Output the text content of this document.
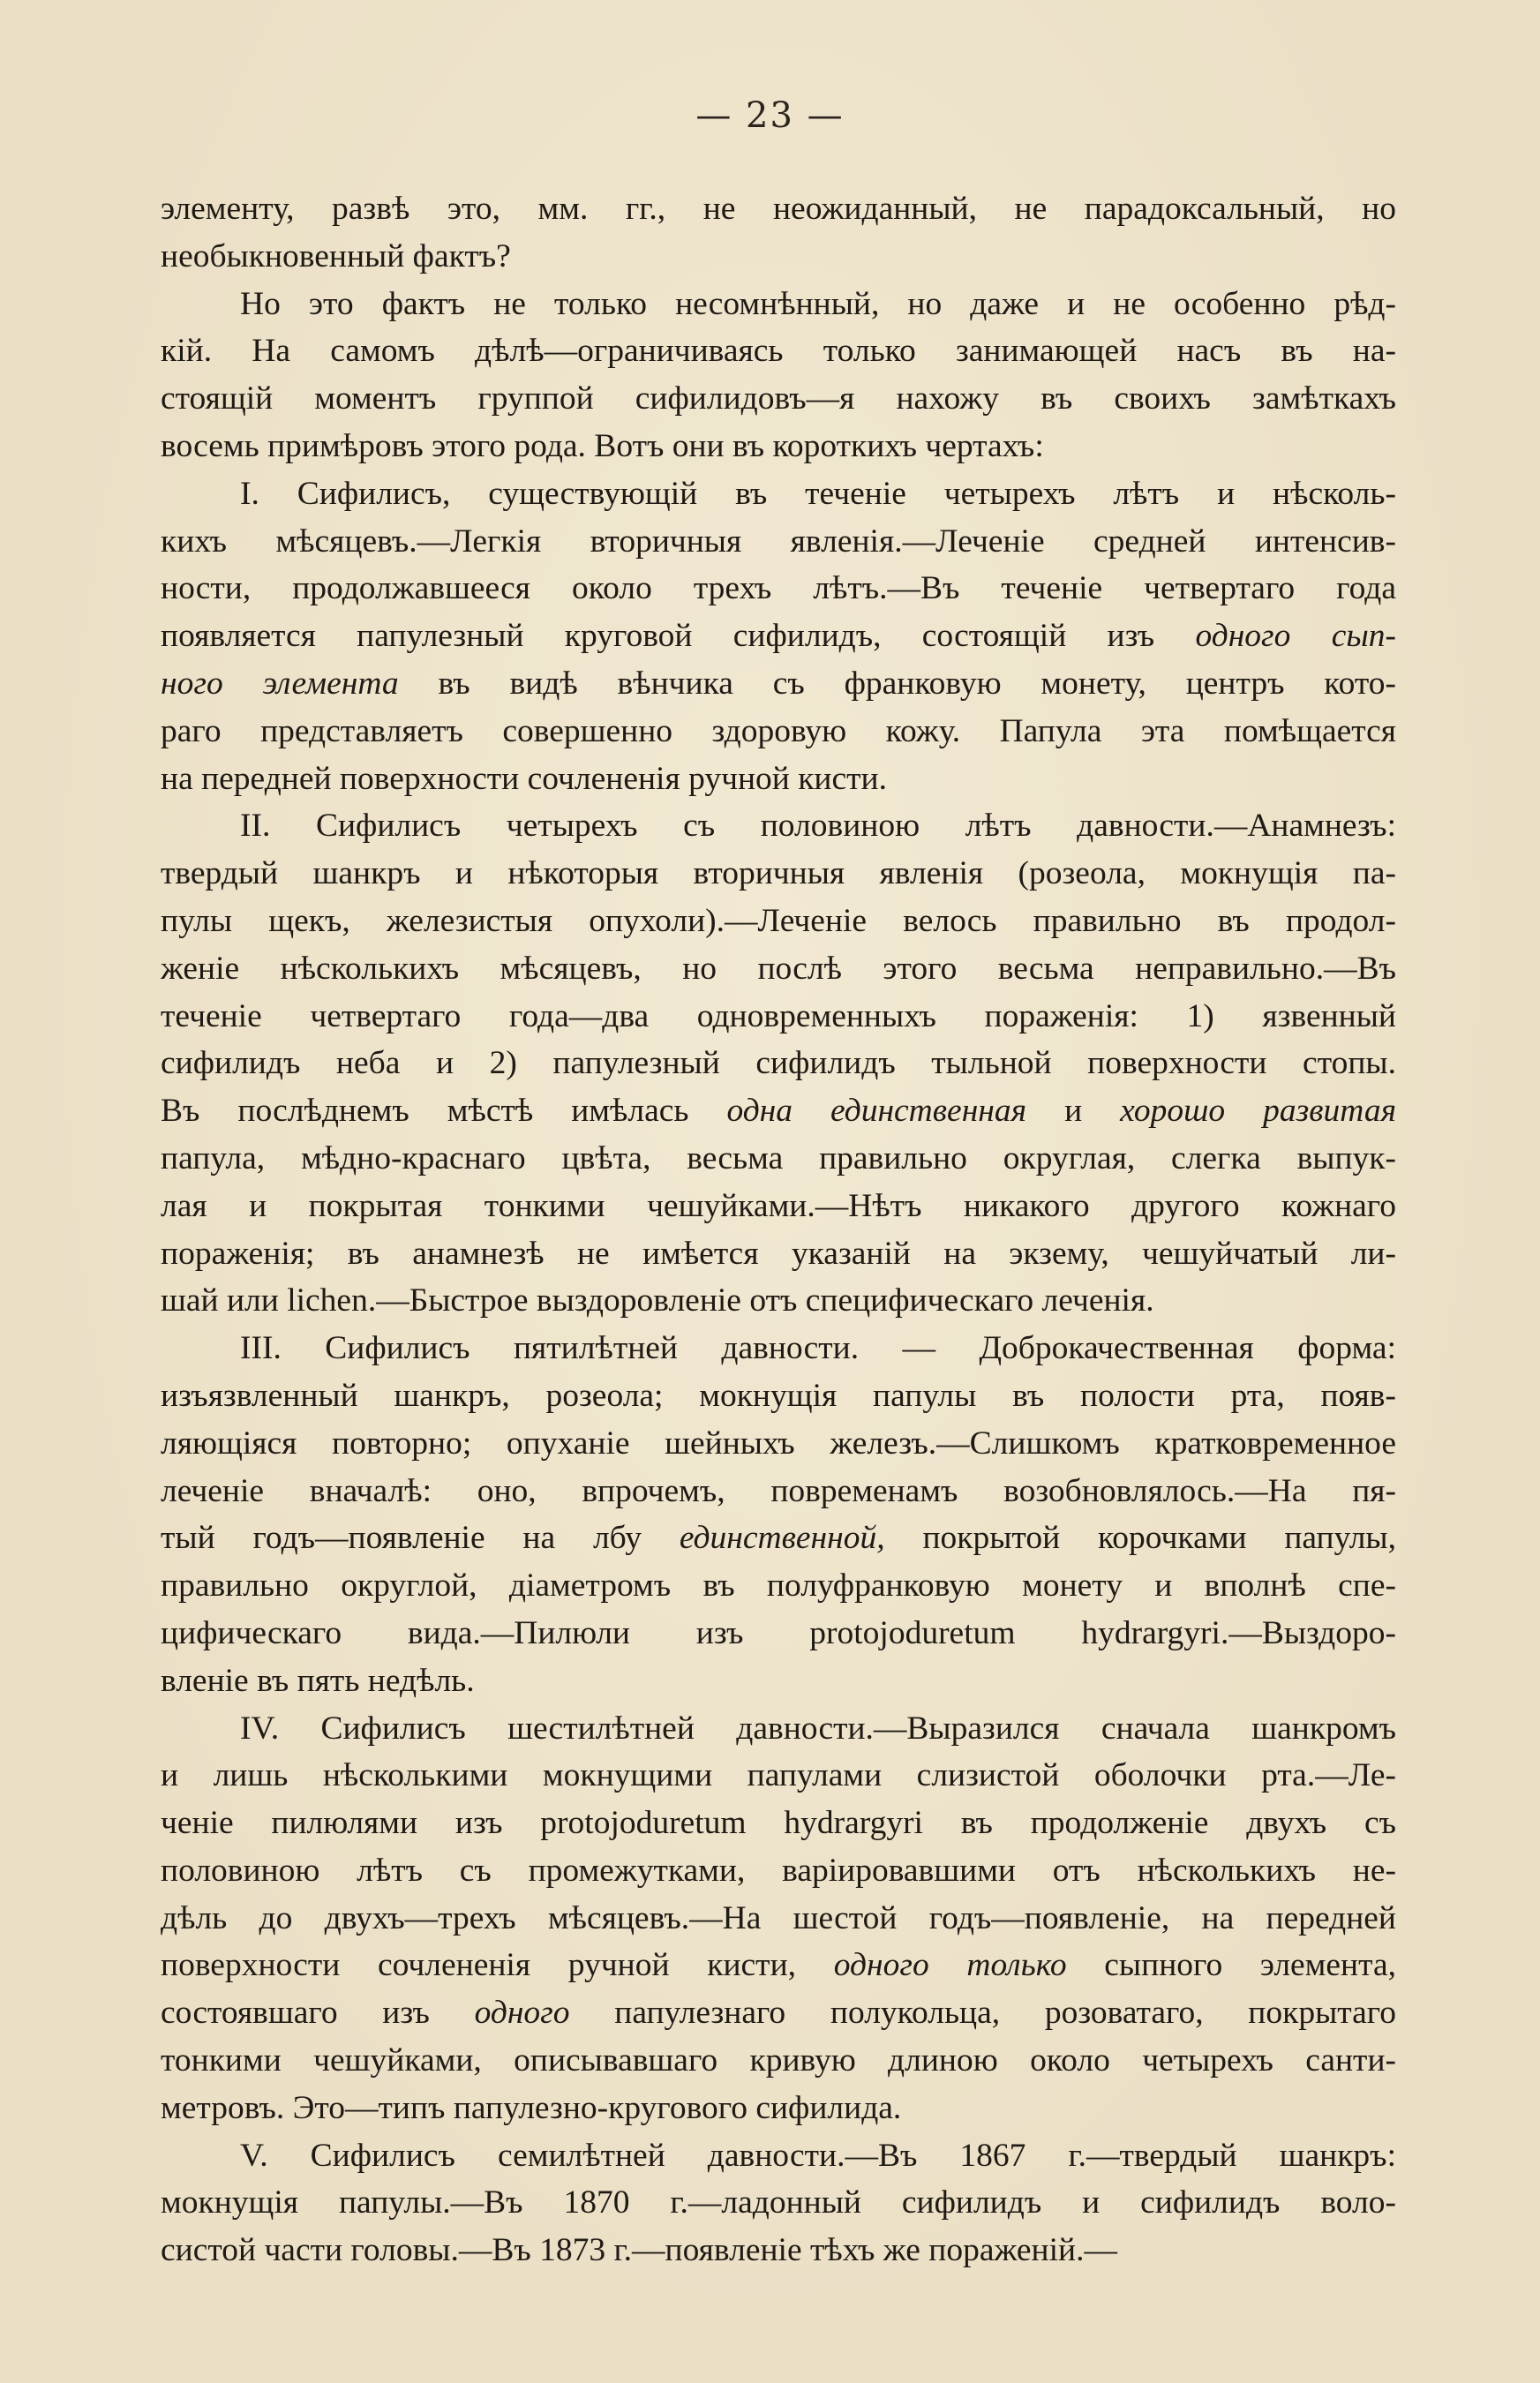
— 23 —
элементу, развѣ это, мм. гг., не неожиданный, не парадоксальный, но
необыкновенный фактъ?
Но это фактъ не только несомнѣнный, но даже и не особенно рѣд-
кій. На самомъ дѣлѣ—ограничиваясь только занимающей насъ въ на-
стоящій моментъ группой сифилидовъ—я нахожу въ своихъ замѣткахъ
восемь примѣровъ этого рода. Вотъ они въ короткихъ чертахъ:
I. Сифилисъ, существующій въ теченіе четырехъ лѣтъ и нѣсколь-
кихъ мѣсяцевъ.—Легкія вторичныя явленія.—Леченіе средней интенсив-
ности, продолжавшееся около трехъ лѣтъ.—Въ теченіе четвертаго года
появляется папулезный круговой сифилидъ, состоящій изъ одного сып-
ного элемента въ видѣ вѣнчика съ франковую монету, центръ кото-
раго представляетъ совершенно здоровую кожу. Папула эта помѣщается
на передней поверхности сочлененія ручной кисти.
II. Сифилисъ четырехъ съ половиною лѣтъ давности.—Анамнезъ:
твердый шанкръ и нѣкоторыя вторичныя явленія (розеола, мокнущія па-
пулы щекъ, железистыя опухоли).—Леченіе велось правильно въ продол-
женіе нѣсколькихъ мѣсяцевъ, но послѣ этого весьма неправильно.—Въ
теченіе четвертаго года—два одновременныхъ пораженія: 1) язвенный
сифилидъ неба и 2) папулезный сифилидъ тыльной поверхности стопы.
Въ послѣднемъ мѣстѣ имѣлась одна единственная и хорошо развитая
папула, мѣдно-краснаго цвѣта, весьма правильно округлая, слегка выпук-
лая и покрытая тонкими чешуйками.—Нѣтъ никакого другого кожнаго
пораженія; въ анамнезѣ не имѣется указаній на экзему, чешуйчатый ли-
шай или lichen.—Быстрое выздоровленіе отъ специфическаго леченія.
III. Сифилисъ пятилѣтней давности. — Доброкачественная форма:
изъязвленный шанкръ, розеола; мокнущія папулы въ полости рта, появ-
ляющіяся повторно; опуханіе шейныхъ железъ.—Слишкомъ кратковременное
леченіе вначалѣ: оно, впрочемъ, повременамъ возобновлялось.—На пя-
тый годъ—появленіе на лбу единственной, покрытой корочками папулы,
правильно округлой, діаметромъ въ полуфранковую монету и вполнѣ спе-
цифическаго вида.—Пилюли изъ protojoduretum hydrargyri.—Выздоро-
вленіе въ пять недѣль.
IV. Сифилисъ шестилѣтней давности.—Выразился сначала шанкромъ
и лишь нѣсколькими мокнущими папулами слизистой оболочки рта.—Ле-
ченіе пилюлями изъ protojoduretum hydrargyri въ продолженіе двухъ съ
половиною лѣтъ съ промежутками, варіировавшими отъ нѣсколькихъ не-
дѣль до двухъ—трехъ мѣсяцевъ.—На шестой годъ—появленіе, на передней
поверхности сочлененія ручной кисти, одного только сыпного элемента,
состоявшаго изъ одного папулезнаго полукольца, розоватаго, покрытаго
тонкими чешуйками, описывавшаго кривую длиною около четырехъ санти-
метровъ. Это—типъ папулезно-кругового сифилида.
V. Сифилисъ семилѣтней давности.—Въ 1867 г.—твердый шанкръ:
мокнущія папулы.—Въ 1870 г.—ладонный сифилидъ и сифилидъ воло-
систой части головы.—Въ 1873 г.—появленіе тѣхъ же пораженій.—
